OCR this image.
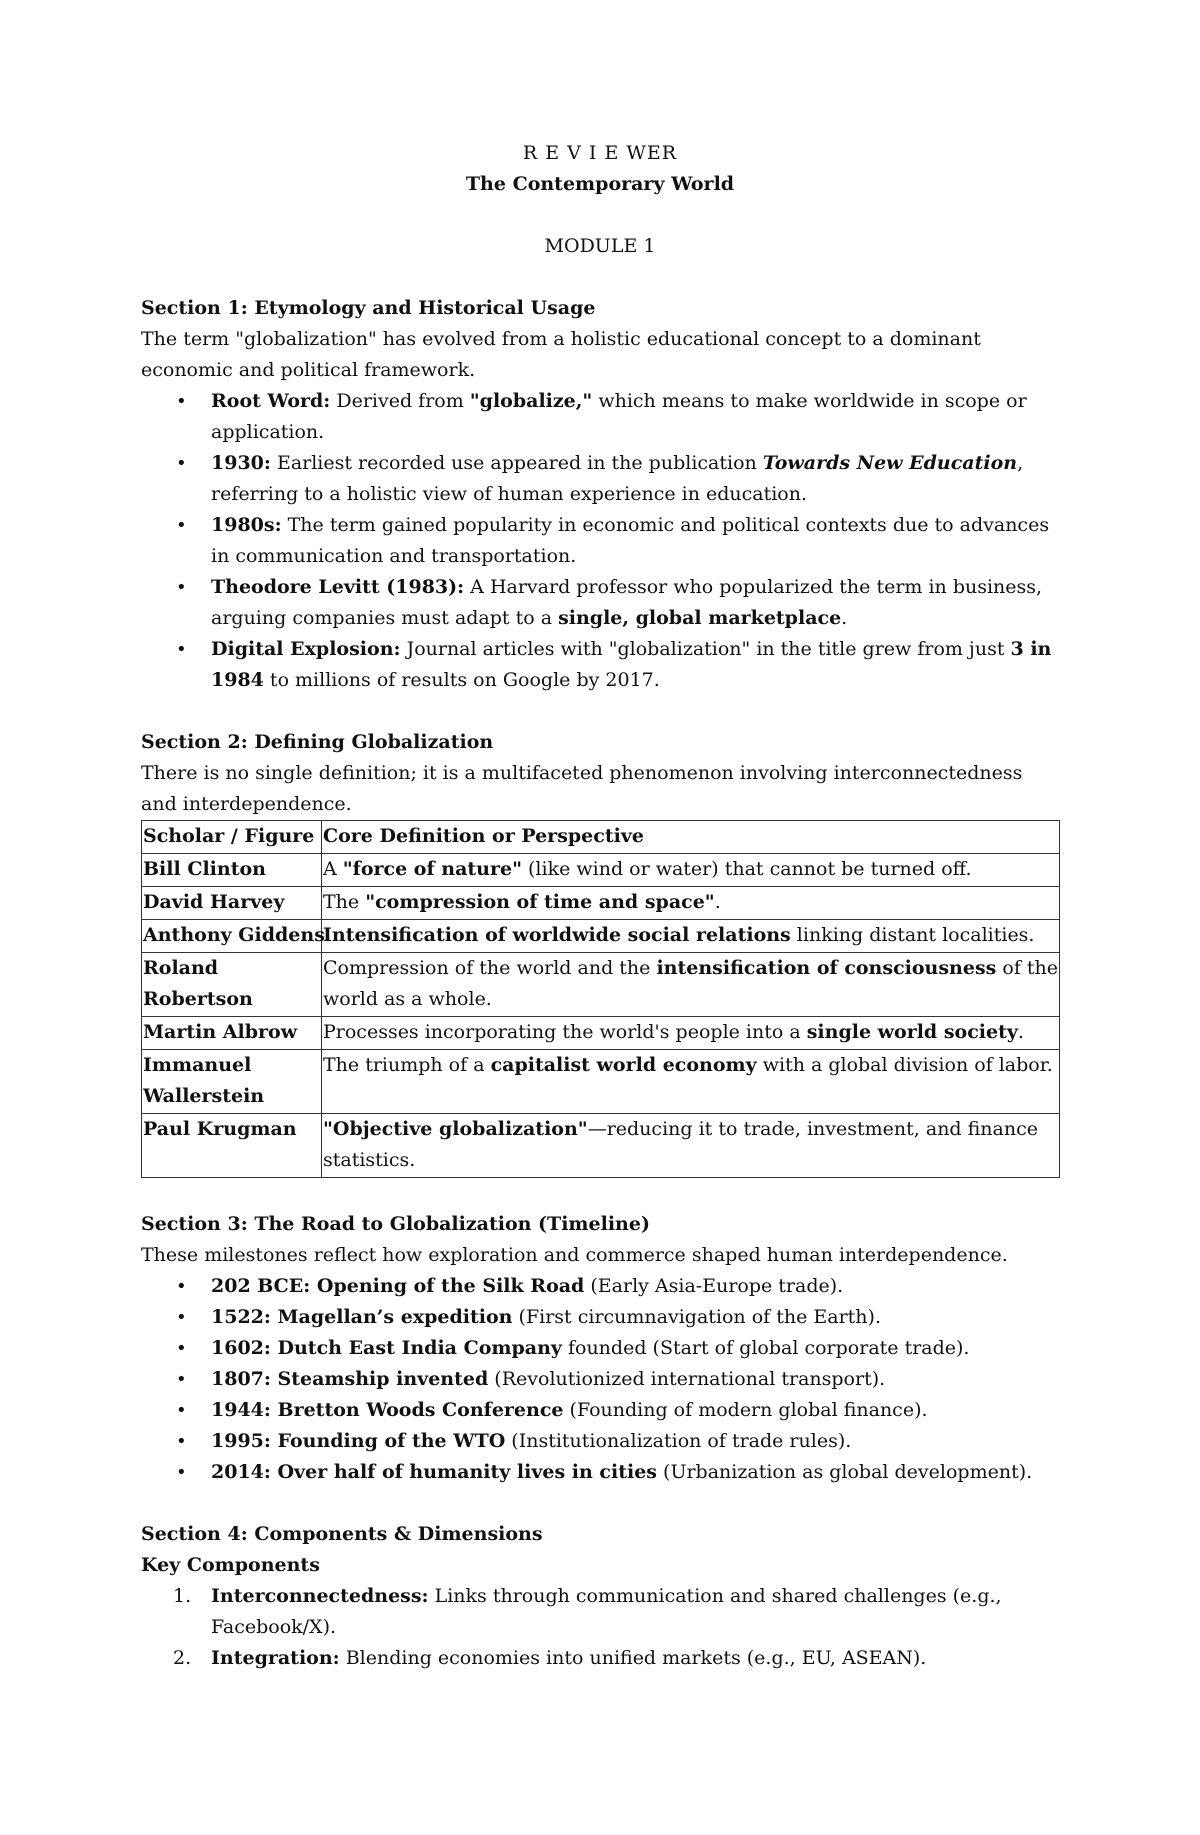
R E V I E WER

The Contemporary World

MODULE 1

Section 1: Etymology and Historical Usage

The term "globalization" has evolved from a holistic educational concept to a dominant economic and political framework.

• Root Word: Derived from "globalize," which means to make worldwide in scope or application.
• 1930: Earliest recorded use appeared in the publication Towards New Education, referring to a holistic view of human experience in education.
• 1980s: The term gained popularity in economic and political contexts due to advances in communication and transportation.
• Theodore Levitt (1983): A Harvard professor who popularized the term in business, arguing companies must adapt to a single, global marketplace.
• Digital Explosion: Journal articles with "globalization" in the title grew from just 3 in 1984 to millions of results on Google by 2017.

Section 2: Defining Globalization

There is no single definition; it is a multifaceted phenomenon involving interconnectedness and interdependence.

Scholar / Figure	Core Definition or Perspective
Bill Clinton	A "force of nature" (like wind or water) that cannot be turned off.
David Harvey	The "compression of time and space".
Anthony Giddens	Intensification of worldwide social relations linking distant localities.
Roland Robertson	Compression of the world and the intensification of consciousness of the world as a whole.
Martin Albrow	Processes incorporating the world's people into a single world society.
Immanuel Wallerstein	The triumph of a capitalist world economy with a global division of labor.
Paul Krugman	"Objective globalization"—reducing it to trade, investment, and finance statistics.

Section 3: The Road to Globalization (Timeline)

These milestones reflect how exploration and commerce shaped human interdependence.

• 202 BCE: Opening of the Silk Road (Early Asia-Europe trade).
• 1522: Magellan’s expedition (First circumnavigation of the Earth).
• 1602: Dutch East India Company founded (Start of global corporate trade).
• 1807: Steamship invented (Revolutionized international transport).
• 1944: Bretton Woods Conference (Founding of modern global finance).
• 1995: Founding of the WTO (Institutionalization of trade rules).
• 2014: Over half of humanity lives in cities (Urbanization as global development).

Section 4: Components & Dimensions

Key Components

1. Interconnectedness: Links through communication and shared challenges (e.g., Facebook/X).
2. Integration: Blending economies into unified markets (e.g., EU, ASEAN).
